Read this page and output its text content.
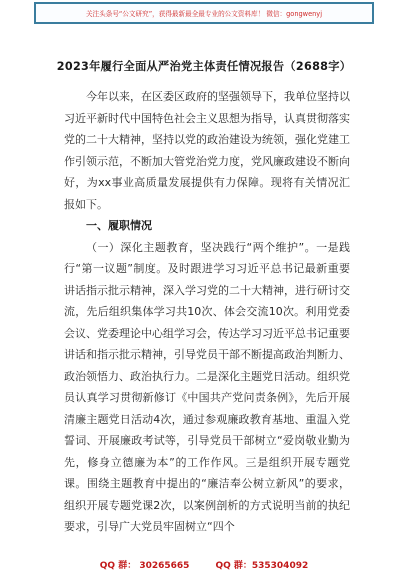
关注头条号“公文研究”，获得最新最全最专业的公文资料库！ 微信：gongwenyj
2023年履行全面从严治党主体责任情况报告（2688字）

今年以来，在区委区政府的坚强领导下，我单位坚持以习近平新时代中国特色社会主义思想为指导，认真贯彻落实党的二十大精神，坚持以党的政治建设为统领，强化党建工作引领示范，不断加大管党治党力度，党风廉政建设不断向好，为xx事业高质量发展提供有力保障。现将有关情况汇报如下。

一、履职情况

（一）深化主题教育，坚决践行“两个维护”。一是践行“第一议题”制度。及时跟进学习习近平总书记最新重要讲话指示批示精神，深入学习党的二十大精神，进行研讨交流，先后组织集体学习共10次、体会交流10次。利用党委会议、党委理论中心组学习会，传达学习习近平总书记重要讲话和指示批示精神，引导党员干部不断提高政治判断力、政治领悟力、政治执行力。二是深化主题党日活动。组织党员认真学习贯彻新修订《中国共产党问责条例》，先后开展清廉主题党日活动4次，通过参观廉政教育基地、重温入党誓词、开展廉政考试等，引导党员干部树立“爱岗敬业勤为先，修身立德廉为本”的工作作风。三是组织开展专题党课。围绕主题教育中提出的“廉洁奉公树立新风”的要求，组织开展专题党课2次，以案例剖析的方式说明当前的执纪要求，引导广大党员牢固树立“四个

QQ 群： 30265665	QQ 群：535304092
